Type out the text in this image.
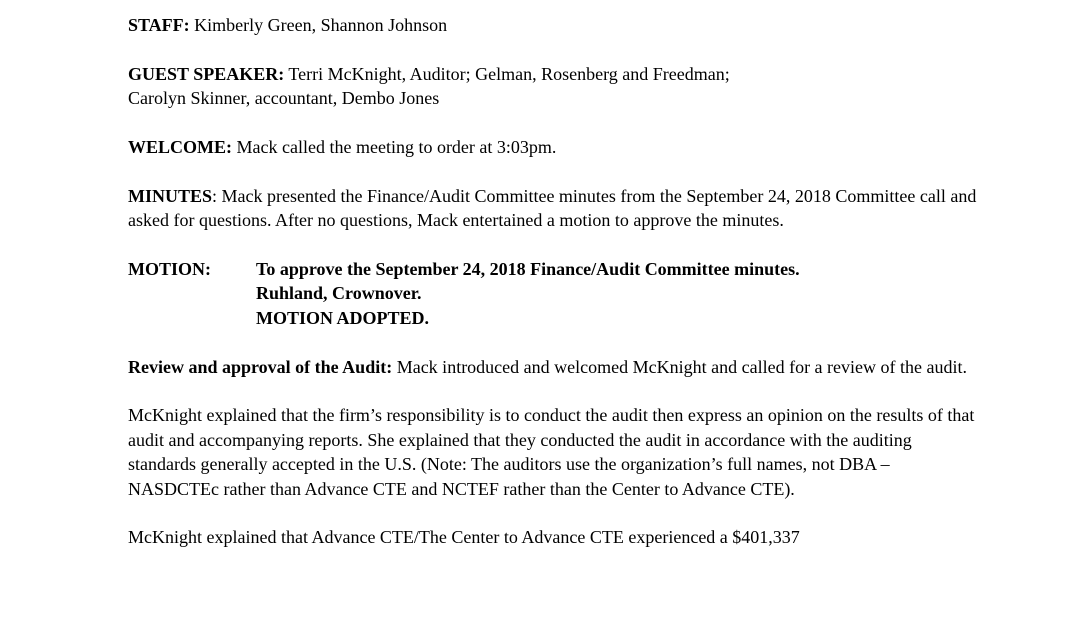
STAFF: Kimberly Green, Shannon Johnson

GUEST SPEAKER: Terri McKnight, Auditor; Gelman, Rosenberg and Freedman;
Carolyn Skinner, accountant, Dembo Jones

WELCOME: Mack called the meeting to order at 3:03pm.

MINUTES: Mack presented the Finance/Audit Committee minutes from the September 24, 2018 Committee call and asked for questions. After no questions, Mack entertained a motion to approve the minutes.

MOTION:	To approve the September 24, 2018 Finance/Audit Committee minutes.
Ruhland, Crownover.
MOTION ADOPTED.

Review and approval of the Audit: Mack introduced and welcomed McKnight and called for a review of the audit.

McKnight explained that the firm’s responsibility is to conduct the audit then express an opinion on the results of that audit and accompanying reports. She explained that they conducted the audit in accordance with the auditing standards generally accepted in the U.S. (Note: The auditors use the organization’s full names, not DBA – NASDCTEc rather than Advance CTE and NCTEF rather than the Center to Advance CTE).

McKnight explained that Advance CTE/The Center to Advance CTE experienced a $401,337
